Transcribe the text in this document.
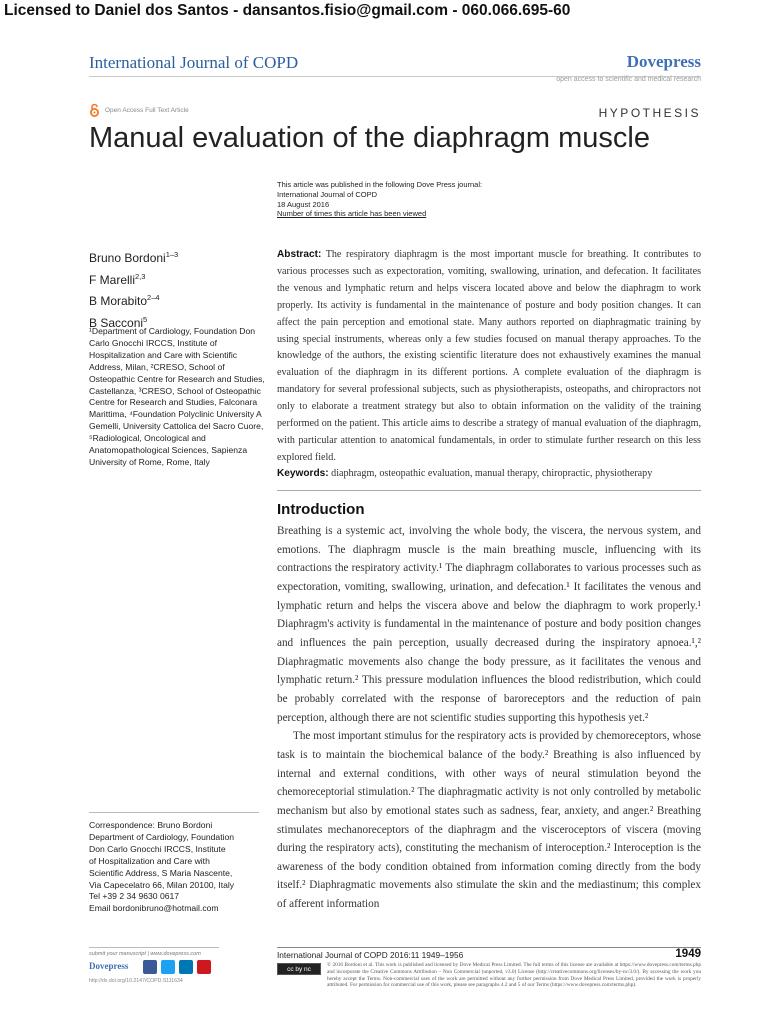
Licensed to Daniel dos Santos - dansantos.fisio@gmail.com - 060.066.695-60
International Journal of COPD	Dovepress
open access to scientific and medical research
Open Access Full Text Article	HYPOTHESIS
Manual evaluation of the diaphragm muscle
This article was published in the following Dove Press journal:
International Journal of COPD
18 August 2016
Number of times this article has been viewed
Bruno Bordoni$^{1-3}$
F Marelli$^{2,3}$
B Morabito$^{2-4}$
B Sacconi$^5$
¹Department of Cardiology, Foundation Don Carlo Gnocchi IRCCS, Institute of Hospitalization and Care with Scientific Address, Milan, ²CRESO, School of Osteopathic Centre for Research and Studies, Castellanza, ³CRESO, School of Osteopathic Centre for Research and Studies, Falconara Marittima, ⁴Foundation Polyclinic University A Gemelli, University Cattolica del Sacro Cuore, ⁵Radiological, Oncological and Anatomopathological Sciences, Sapienza University of Rome, Rome, Italy
Abstract: The respiratory diaphragm is the most important muscle for breathing. It contributes to various processes such as expectoration, vomiting, swallowing, urination, and defecation. It facilitates the venous and lymphatic return and helps viscera located above and below the diaphragm to work properly. Its activity is fundamental in the maintenance of posture and body position changes. It can affect the pain perception and emotional state. Many authors reported on diaphragmatic training by using special instruments, whereas only a few studies focused on manual therapy approaches. To the knowledge of the authors, the existing scientific literature does not exhaustively examines the manual evaluation of the diaphragm in its different portions. A complete evaluation of the diaphragm is mandatory for several professional subjects, such as physiotherapists, osteopaths, and chiropractors not only to elaborate a treatment strategy but also to obtain information on the validity of the training performed on the patient. This article aims to describe a strategy of manual evaluation of the diaphragm, with particular attention to anatomical fundamentals, in order to stimulate further research on this less explored field.
Keywords: diaphragm, osteopathic evaluation, manual therapy, chiropractic, physiotherapy
Introduction

Breathing is a systemic act, involving the whole body, the viscera, the nervous system, and emotions. The diaphragm muscle is the main breathing muscle, influencing with its contractions the respiratory activity.¹ The diaphragm collaborates to various processes such as expectoration, vomiting, swallowing, urination, and defecation.¹ It facilitates the venous and lymphatic return and helps the viscera above and below the diaphragm to work properly.¹ Diaphragm's activity is fundamental in the maintenance of posture and body position changes and influences the pain perception, usually decreased during the inspiratory apnoea.¹,² Diaphragmatic movements also change the body pressure, as it facilitates the venous and lymphatic return.² This pressure modulation influences the blood redistribution, which could be probably correlated with the response of baroreceptors and the reduction of pain perception, although there are not scientific studies supporting this hypothesis yet.²

The most important stimulus for the respiratory acts is provided by chemoreceptors, whose task is to maintain the biochemical balance of the body.² Breathing is also influenced by internal and external conditions, with other ways of neural stimulation beyond the chemoreceptorial stimulation.² The diaphragmatic activity is not only controlled by metabolic mechanism but also by emotional states such as sadness, fear, anxiety, and anger.² Breathing stimulates mechanoreceptors of the diaphragm and the visceroceptors of viscera (moving during the respiratory acts), constituting the mechanism of interoception.² Interoception is the awareness of the body condition obtained from information coming directly from the body itself.² Diaphragmatic movements also stimulate the skin and the mediastinum; this complex of afferent information

Correspondence: Bruno Bordoni
Department of Cardiology, Foundation
Don Carlo Gnocchi IRCCS, Institute
of Hospitalization and Care with
Scientific Address, S Maria Nascente,
Via Capecelatro 66, Milan 20100, Italy
Tel +39 2 34 9630 0617
Email bordonibruno@hotmail.com
submit your manuscript | www.dovepress.com
Dovepress
http://dx.doi.org/10.2147/COPD.S111634
International Journal of COPD 2016:11 1949–1956	1949
cc by nc
© 2016 Bordoni et al. This work is published and licensed by Dove Medical Press Limited. The full terms of this license are available at https://www.dovepress.com/terms.php and incorporate the Creative Commons Attribution – Non Commercial (unported, v3.0) License (http://creativecommons.org/licenses/by-nc/3.0/). By accessing the work you hereby accept the Terms. Non-commercial uses of the work are permitted without any further permission from Dove Medical Press Limited, provided the work is properly attributed. For permission for commercial use of this work, please see paragraphs 4.2 and 5 of our Terms (https://www.dovepress.com/terms.php).
